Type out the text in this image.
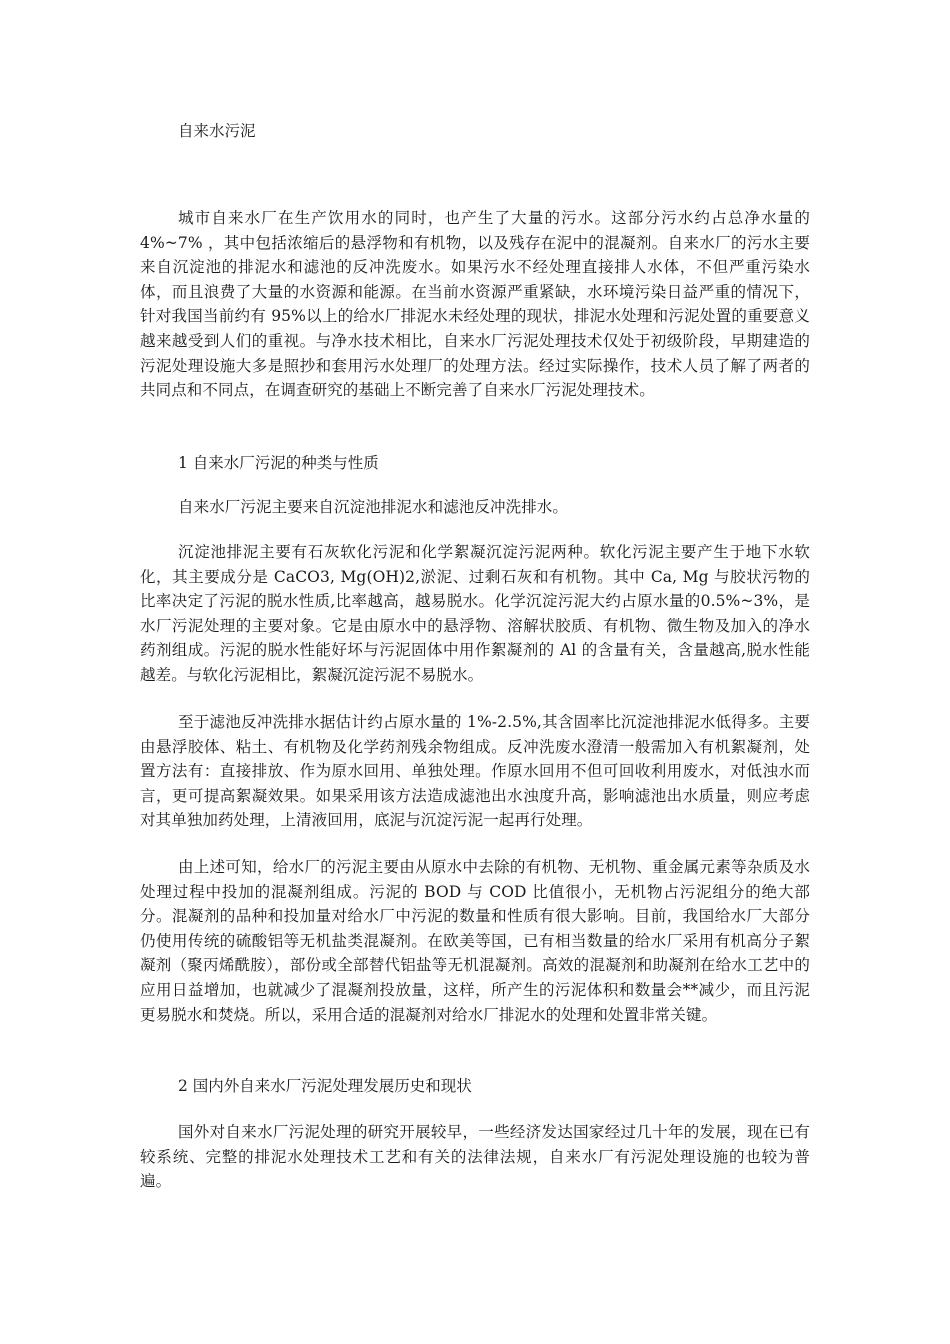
自来水污泥

城市自来水厂在生产饮用水的同时，也产生了大量的污水。这部分污水约占总净水量的4%~7% ，其中包括浓缩后的悬浮物和有机物，以及残存在泥中的混凝剂。自来水厂的污水主要来自沉淀池的排泥水和滤池的反冲洗废水。如果污水不经处理直接排人水体，不但严重污染水体，而且浪费了大量的水资源和能源。在当前水资源严重紧缺，水环境污染日益严重的情况下，针对我国当前约有 95%以上的给水厂排泥水未经处理的现状，排泥水处理和污泥处置的重要意义越来越受到人们的重视。与净水技术相比，自来水厂污泥处理技术仅处于初级阶段，早期建造的污泥处理设施大多是照抄和套用污水处理厂的处理方法。经过实际操作，技术人员了解了两者的共同点和不同点，在调查研究的基础上不断完善了自来水厂污泥处理技术。

1 自来水厂污泥的种类与性质

自来水厂污泥主要来自沉淀池排泥水和滤池反冲洗排水。

沉淀池排泥主要有石灰软化污泥和化学絮凝沉淀污泥两种。软化污泥主要产生于地下水软化，其主要成分是 CaCO3, Mg(OH)2,淤泥、过剩石灰和有机物。其中 Ca, Mg 与胶状污物的比率决定了污泥的脱水性质,比率越高，越易脱水。化学沉淀污泥大约占原水量的0.5%~3%，是水厂污泥处理的主要对象。它是由原水中的悬浮物、溶解状胶质、有机物、微生物及加入的净水药剂组成。污泥的脱水性能好坏与污泥固体中用作絮凝剂的 Al 的含量有关，含量越高,脱水性能越差。与软化污泥相比，絮凝沉淀污泥不易脱水。

至于滤池反冲洗排水据估计约占原水量的 1%-2.5%,其含固率比沉淀池排泥水低得多。主要由悬浮胶体、粘土、有机物及化学药剂残余物组成。反冲洗废水澄清一般需加入有机絮凝剂，处置方法有：直接排放、作为原水回用、单独处理。作原水回用不但可回收利用废水，对低浊水而言，更可提高絮凝效果。如果采用该方法造成滤池出水浊度升高，影响滤池出水质量，则应考虑对其单独加药处理，上清液回用，底泥与沉淀污泥一起再行处理。

由上述可知，给水厂的污泥主要由从原水中去除的有机物、无机物、重金属元素等杂质及水处理过程中投加的混凝剂组成。污泥的 BOD 与 COD 比值很小，无机物占污泥组分的绝大部分。混凝剂的品种和投加量对给水厂中污泥的数量和性质有很大影响。目前，我国给水厂大部分仍使用传统的硫酸铝等无机盐类混凝剂。在欧美等国，已有相当数量的给水厂采用有机高分子絮凝剂（聚丙烯酰胺），部份或全部替代铝盐等无机混凝剂。高效的混凝剂和助凝剂在给水工艺中的应用日益增加，也就减少了混凝剂投放量，这样，所产生的污泥体积和数量会**减少，而且污泥更易脱水和焚烧。所以，采用合适的混凝剂对给水厂排泥水的处理和处置非常关键。

2 国内外自来水厂污泥处理发展历史和现状

国外对自来水厂污泥处理的研究开展较早，一些经济发达国家经过几十年的发展，现在已有较系统、完整的排泥水处理技术工艺和有关的法律法规，自来水厂有污泥处理设施的也较为普遍。
